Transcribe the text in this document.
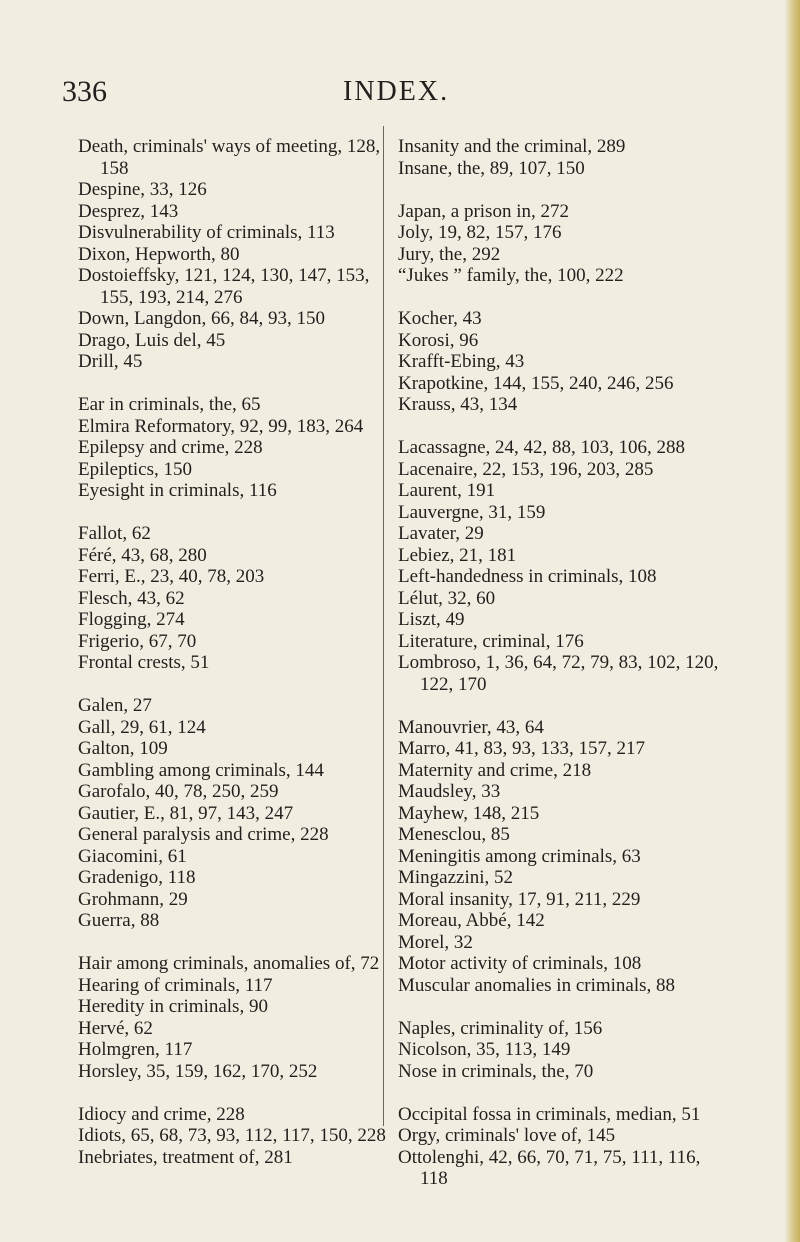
336	INDEX.
Death, criminals' ways of meeting, 128, 158
Despine, 33, 126
Desprez, 143
Disvulnerability of criminals, 113
Dixon, Hepworth, 80
Dostoieffsky, 121, 124, 130, 147, 153, 155, 193, 214, 276
Down, Langdon, 66, 84, 93, 150
Drago, Luis del, 45
Drill, 45
Ear in criminals, the, 65
Elmira Reformatory, 92, 99, 183, 264
Epilepsy and crime, 228
Epileptics, 150
Eyesight in criminals, 116
Fallot, 62
Féré, 43, 68, 280
Ferri, E., 23, 40, 78, 203
Flesch, 43, 62
Flogging, 274
Frigerio, 67, 70
Frontal crests, 51
Galen, 27
Gall, 29, 61, 124
Galton, 109
Gambling among criminals, 144
Garofalo, 40, 78, 250, 259
Gautier, E., 81, 97, 143, 247
General paralysis and crime, 228
Giacomini, 61
Gradenigo, 118
Grohmann, 29
Guerra, 88
Hair among criminals, anomalies of, 72
Hearing of criminals, 117
Heredity in criminals, 90
Hervé, 62
Holmgren, 117
Horsley, 35, 159, 162, 170, 252
Idiocy and crime, 228
Idiots, 65, 68, 73, 93, 112, 117, 150, 228
Inebriates, treatment of, 281
Insanity and the criminal, 289
Insane, the, 89, 107, 150
Japan, a prison in, 272
Joly, 19, 82, 157, 176
Jury, the, 292
“Jukes ” family, the, 100, 222
Kocher, 43
Korosi, 96
Krafft-Ebing, 43
Krapotkine, 144, 155, 240, 246, 256
Krauss, 43, 134
Lacassagne, 24, 42, 88, 103, 106, 288
Lacenaire, 22, 153, 196, 203, 285
Laurent, 191
Lauvergne, 31, 159
Lavater, 29
Lebiez, 21, 181
Left-handedness in criminals, 108
Lélut, 32, 60
Liszt, 49
Literature, criminal, 176
Lombroso, 1, 36, 64, 72, 79, 83, 102, 120, 122, 170
Manouvrier, 43, 64
Marro, 41, 83, 93, 133, 157, 217
Maternity and crime, 218
Maudsley, 33
Mayhew, 148, 215
Menesclou, 85
Meningitis among criminals, 63
Mingazzini, 52
Moral insanity, 17, 91, 211, 229
Moreau, Abbé, 142
Morel, 32
Motor activity of criminals, 108
Muscular anomalies in criminals, 88
Naples, criminality of, 156
Nicolson, 35, 113, 149
Nose in criminals, the, 70
Occipital fossa in criminals, median, 51
Orgy, criminals' love of, 145
Ottolenghi, 42, 66, 70, 71, 75, 111, 116, 118
